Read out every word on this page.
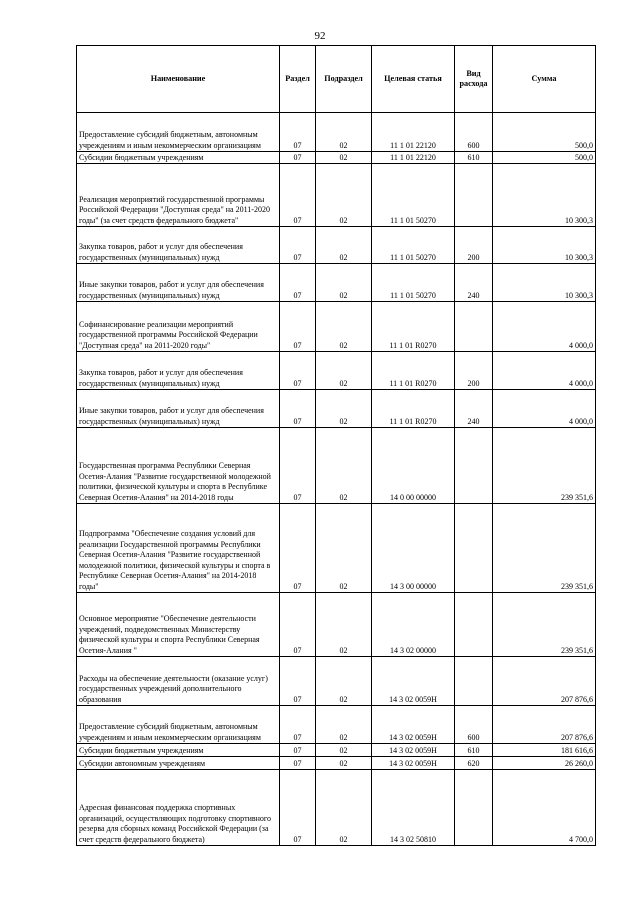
92
Наименование	Раздел	Подраздел	Целевая статья	Вид расхода	Сумма
Предоставление субсидий бюджетным, автономным учреждениям и иным некоммерческим организациям	07	02	11 1 01 22120	600	500,0
Субсидии бюджетным учреждениям	07	02	11 1 01 22120	610	500,0
Реализация мероприятий государственной программы Российской Федерации "Доступная среда" на 2011-2020 годы" (за счет средств федерального бюджета"	07	02	11 1 01 50270		10 300,3
Закупка товаров, работ и услуг для обеспечения государственных (муниципальных) нужд	07	02	11 1 01 50270	200	10 300,3
Иные закупки товаров, работ и услуг для обеспечения государственных (муниципальных) нужд	07	02	11 1 01 50270	240	10 300,3
Софинансирование реализации мероприятий государственной программы Российской Федерации "Доступная среда" на 2011-2020 годы"	07	02	11 1 01 R0270		4 000,0
Закупка товаров, работ и услуг для обеспечения государственных (муниципальных) нужд	07	02	11 1 01 R0270	200	4 000,0
Иные закупки товаров, работ и услуг для обеспечения государственных (муниципальных) нужд	07	02	11 1 01 R0270	240	4 000,0
Государственная программа Республики Северная Осетия-Алания "Развитие государственной молодежной политики, физической культуры и спорта в Республике Северная Осетия-Алания" на 2014-2018 годы	07	02	14 0 00 00000		239 351,6
Подпрограмма "Обеспечение создания условий для реализации Государственной программы Республики Северная Осетия-Алания "Развитие государственной молодежной политики, физической культуры и спорта в Республике Северная Осетия-Алания" на 2014-2018 годы"	07	02	14 3 00 00000		239 351,6
Основное мероприятие "Обеспечение деятельности учреждений, подведомственных Министерству физической культуры и спорта Республики Северная Осетия-Алания "	07	02	14 3 02 00000		239 351,6
Расходы на обеспечение деятельности (оказание услуг) государственных учреждений дополнительного образования	07	02	14 3 02 0059Н		207 876,6
Предоставление субсидий бюджетным, автономным учреждениям и иным некоммерческим организациям	07	02	14 3 02 0059Н	600	207 876,6
Субсидии бюджетным учреждениям	07	02	14 3 02 0059Н	610	181 616,6
Субсидии автономным учреждениям	07	02	14 3 02 0059Н	620	26 260,0
Адресная финансовая поддержка спортивных организаций, осуществляющих подготовку спортивного резерва для сборных команд Российской Федерации (за счет средств федерального бюджета)	07	02	14 3 02 50810		4 700,0
